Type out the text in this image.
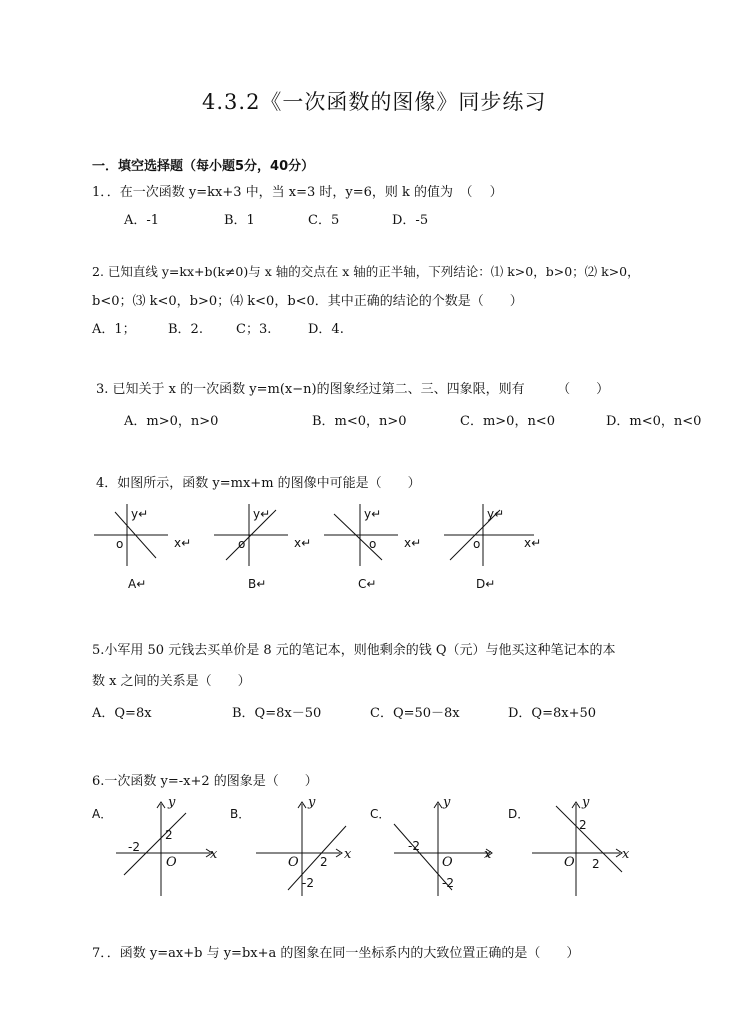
4.3.2《一次函数的图像》同步练习
一．填空选择题（每小题5分，40分）
1．．在一次函数 y=kx+3 中，当 x=3 时，y=6，则 k 的值为　（　 ）
A．-1	B．1	C．5	D．-5
2. 已知直线 y=kx+b(k≠0)与 x 轴的交点在 x 轴的正半轴，下列结论：⑴ k>0，b>0；⑵ k>0，
b<0；⑶ k<0，b>0；⑷ k<0，b<0．其中正确的结论的个数是（　　）
A．1； B．2.	C；3.	D．4.
3. 已知关于 x 的一次函数 y=m(x−n)的图象经过第二、三、四象限，则有　　　（　　）
A．m>0，n>0	B．m<0，n>0	C．m>0，n<0	D．m<0，n<0
4．如图所示，函数 y=mx+m 的图像中可能是（　　）
y↵
x↵
o
A↵
y↵
x↵
o
B↵
y↵
x↵
o
C↵
y↵
x↵
o
D↵
5.小军用 50 元钱去买单价是 8 元的笔记本，则他剩余的钱 Q（元）与他买这种笔记本的本
数 x 之间的关系是（　　）
A．Q=8x	B．Q=8x－50	C．Q=50－8x	D．Q=8x+50
6.一次函数 y=-x+2 的图象是（　　）
A．
y
x
O
2
-2
B．
y
x
O 2
-2
C．
y
x
O
-2
-2
D．
y
x
O
2
2
7．．函数 y=ax+b 与 y=bx+a 的图象在同一坐标系内的大致位置正确的是（　　）
